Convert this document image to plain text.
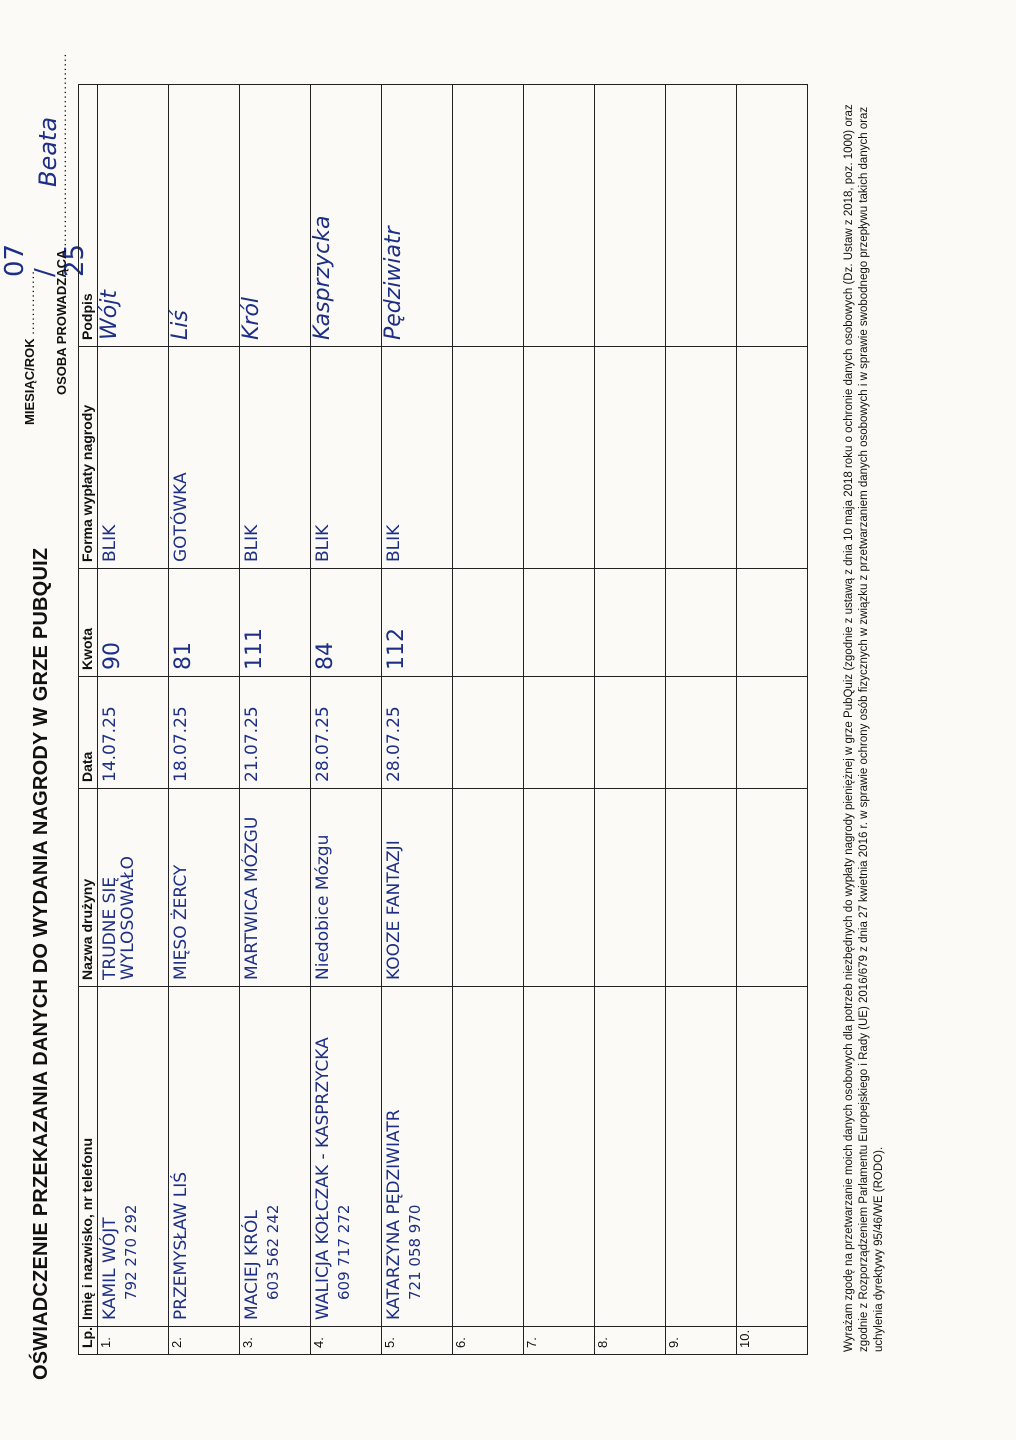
OŚWIADCZENIE PRZEKAZANIA DANYCH DO WYDANIA NAGRODY W GRZE PUBQUIZ
MIESIĄC/ROK ..............
07 / 25
OSOBA PROWADZĄCA ..........................................
Beata
Lp.	Imię i nazwisko, nr telefonu	Nazwa drużyny	Data	Kwota	Forma wypłaty nagrody	Podpis
1.	KAMIL WÓJT 792 270 292	TRUDNE SIĘ WYLOSOWAŁO	14.07.25	90	BLIK	Wójt

2.	PRZEMYSŁAW LIŚ	MIĘSO ŻERCY	18.07.25	81	GOTÓWKA	Liś

3.	MACIEJ KRÓL 603 562 242	MARTWICA MÓZGU	21.07.25	111	BLIK	Król

4.	WALICJA KOŁCZAK - KASPRZYCKA 609 717 272	Niedobice Mózgu	28.07.25	84	BLIK	Kasprzycka

5.	KATARZYNA PĘDZIWIATR 721 058 970	KOOZE FANTAZJI	28.07.25	112	BLIK	Pędziwiatr

6.	

7.	

8.	

9.	

10.	

		Wyrażam zgodę na przetwarzanie moich danych osobowych dla potrzeb niezbędnych do wypłaty nagrody pieniężnej w grze PubQuiz (zgodnie z ustawą z dnia 10 maja 2018 roku o ochronie danych osobowych (Dz. Ustaw z 2018, poz. 1000) oraz zgodnie z Rozporządzeniem Parlamentu Europejskiego i Rady (UE) 2016/679 z dnia 27 kwietnia 2016 r. w sprawie ochrony osób fizycznych w związku z przetwarzaniem danych osobowych i w sprawie swobodnego przepływu takich danych oraz uchylenia dyrektywy 95/46/WE (RODO).
